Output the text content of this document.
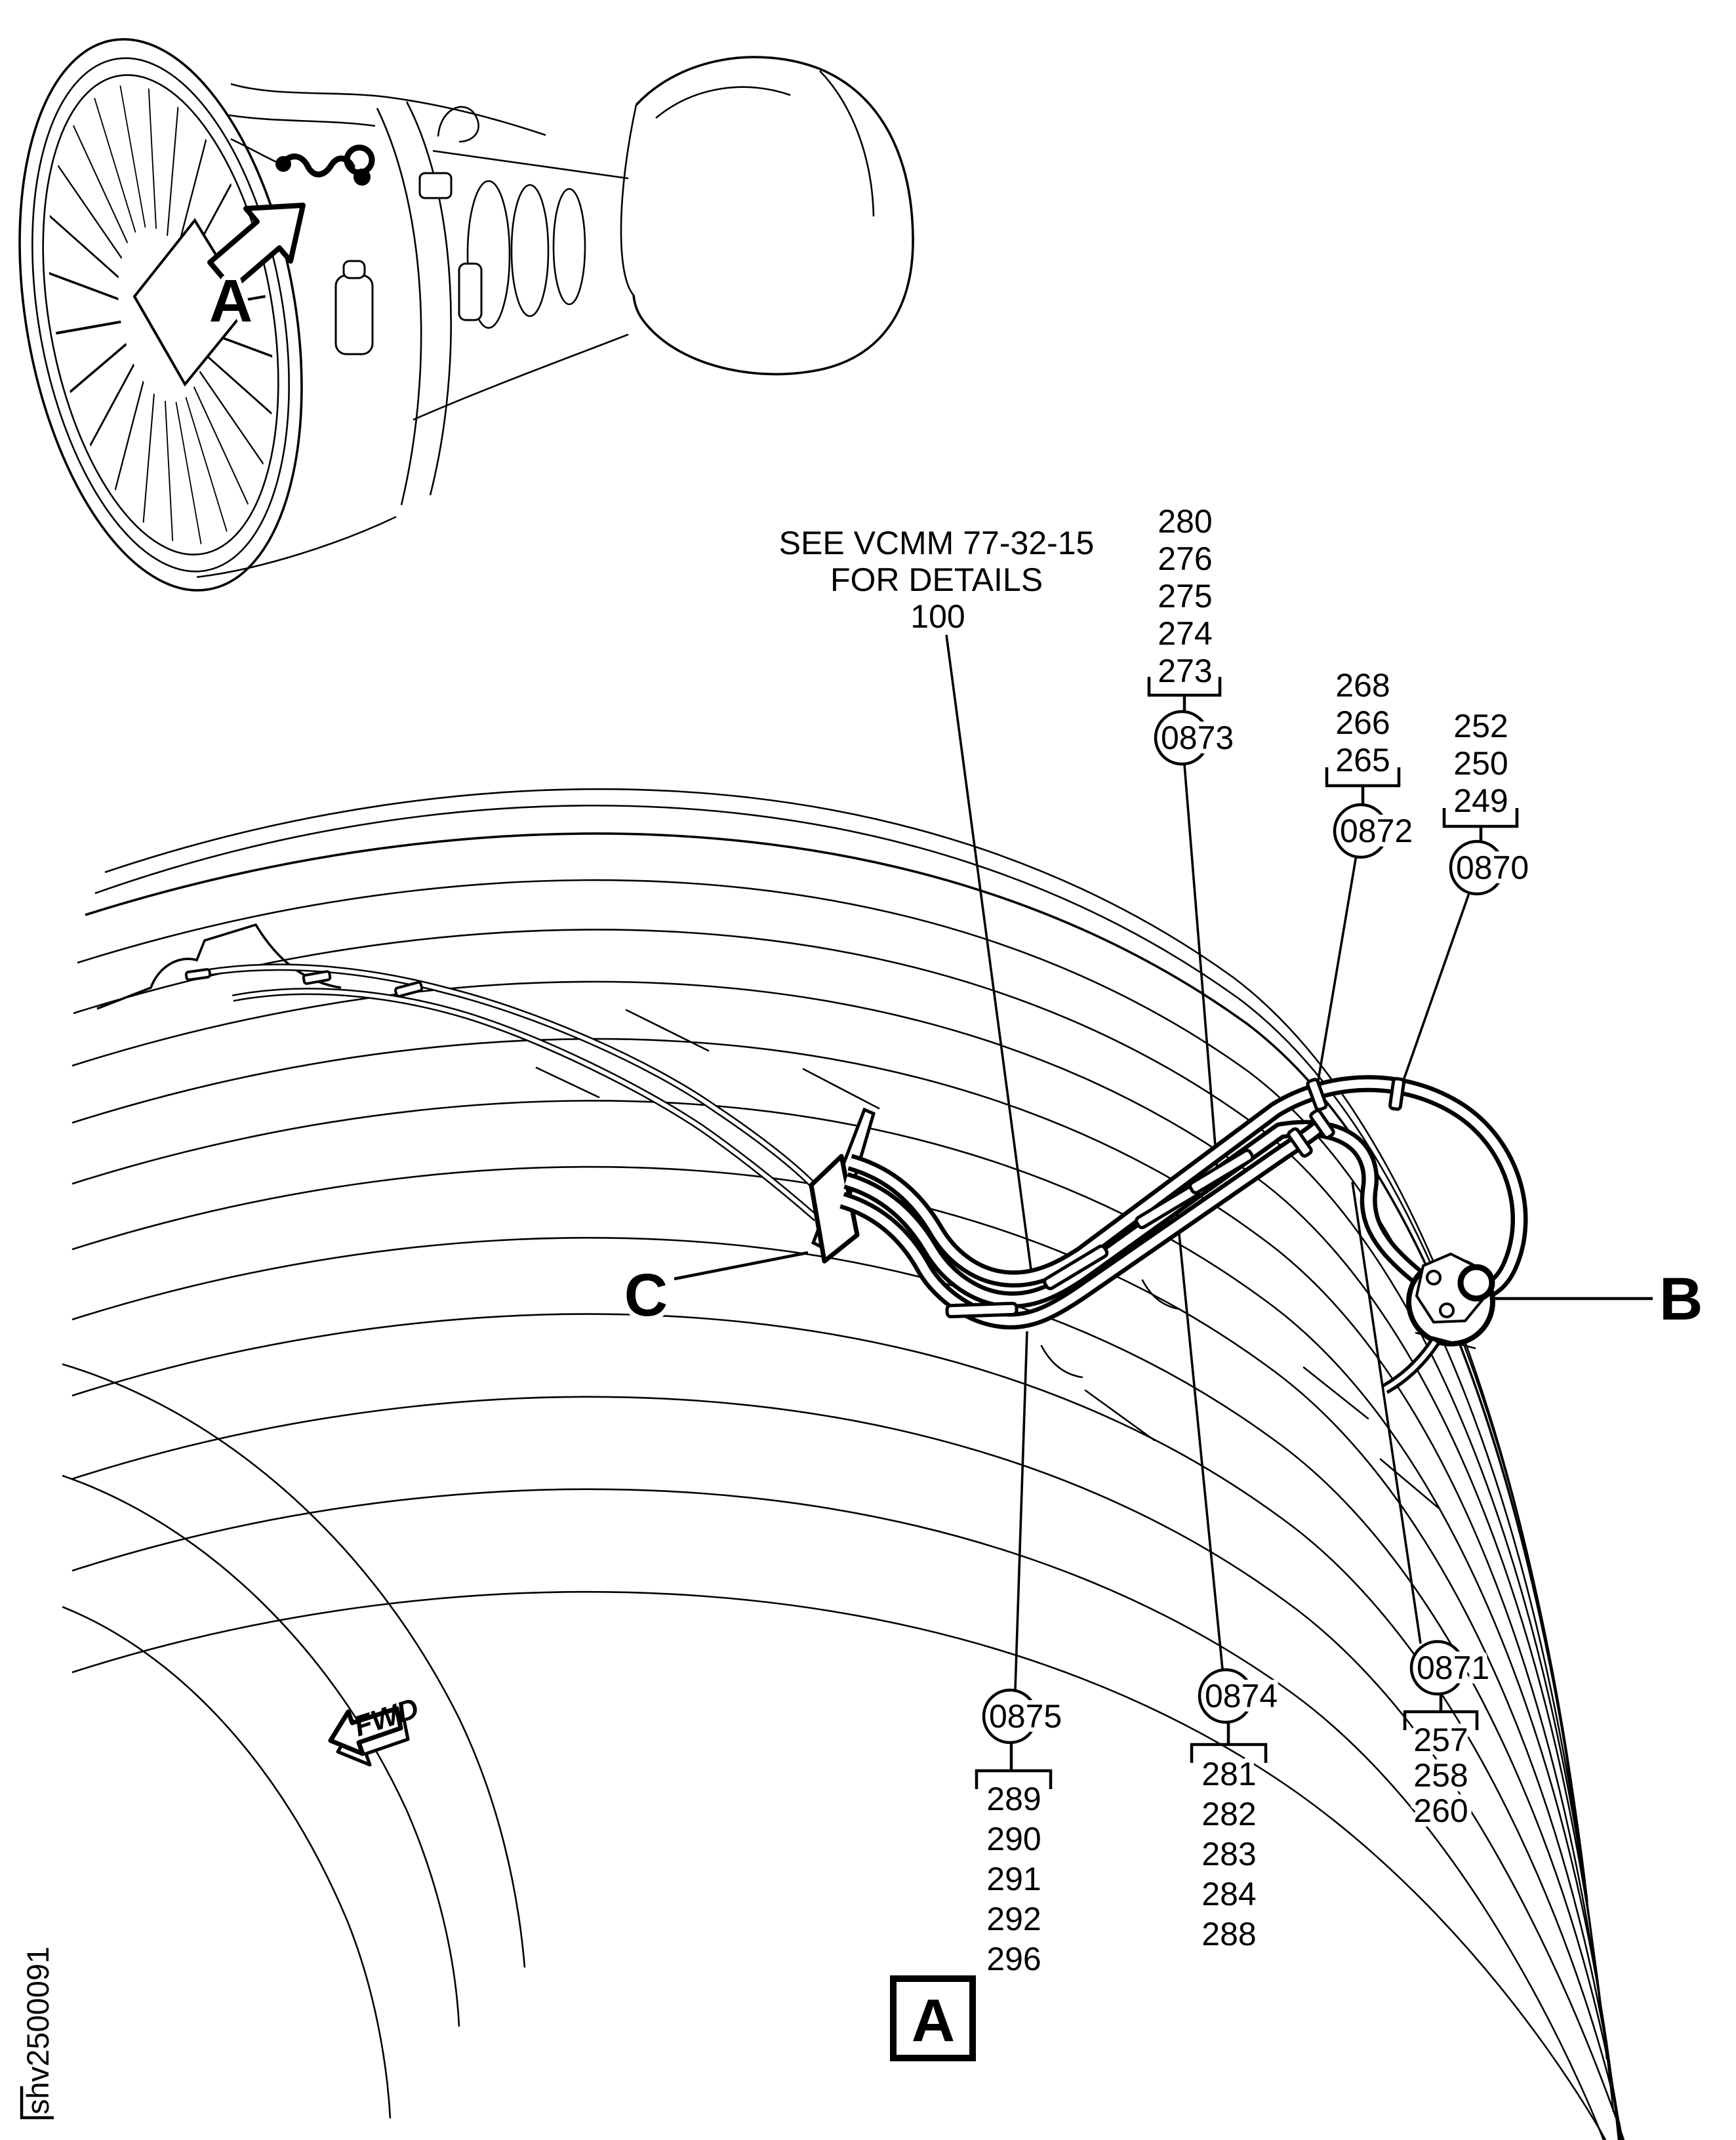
A
SEE VCMM 77-32-15
FOR DETAILS
100
280
276
275
274
273
0873
268
266
265
0872
252
250
249
0870
0875
289
290
291
292
296
0874
281
282
283
284
288
0871
257
258
260
C	B
FWD
A
shv2500091
